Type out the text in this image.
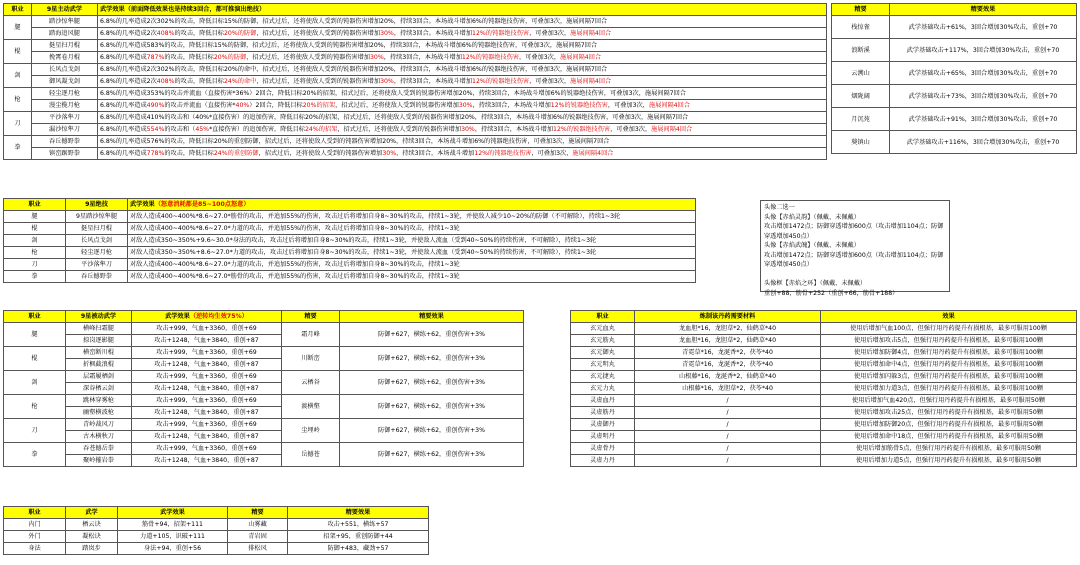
职业	9星主动武学	武学效果（前面降低效果也是持续3回合，都可推演出绝技）
腿	踏沙惊隼腿	6.8%的几率造成2次302%的攻击，降低目标15%的防御，招式过后，还将使敌人受到的钝器伤害增加20%，持续3回合。本场战斗增加6%的钝器绝技伤害，可叠加3次，施展间隔7回合
	踏海追风腿	6.8%的几率造成2次408%的攻击，降低目标20%的防御，招式过后，还将使敌人受到的钝器伤害增加30%，持续3回合。本场战斗增加12%的钝器绝技伤害，可叠加3次，施展间隔4回合
棍	挺星扫月棍	6.8%的几率造成583%的攻击，降低目标15%的防御，招式过后，还将使敌人受到的钝器伤害增加20%，持续3回合，本场战斗增加6%的钝器绝技伤害，可叠加3次，施展间隔7回合
	挽霄卷月棍	6.8%的几率造成787%的攻击，降低目标20%的防御，招式过后，还将使敌人受到的钝器伤害增加30%，持续3回合，本场战斗增加12%的钝器绝技伤害，可叠加3次，施展间隔4回合
剑	长风点戈剑	6.8%的几率造成2次302%的攻击，降低目标20%的命中，招式过后，还将使敌人受到的锐器伤害增加20%，持续3回合，本场战斗增加6%的锐器绝技伤害，可叠加3次，施展间隔7回合
	御风凝戈剑	6.8%的几率造成2次408%的攻击，降低目标24%的命中，招式过后，还将使敌人受到的锐器伤害增加30%，持续3回合，本场战斗增加12%的锐器绝技伤害，可叠加3次，施展间隔4回合
枪	轻尘逐月枪	6.8%的几率造成353%的攻击并流血（直接伤害*36%）2回合，降低目标20%的招架，招式过后，还将使敌人受到的锐器伤害增加20%，持续3回合，本场战斗增加6%的锐器绝技伤害，可叠加3次，施展间隔7回合
	漫尘揽月枪	6.8%的几率造成490%的攻击并流血（直接伤害*40%）2回合，降低目标20%的招架，招式过后，还将使敌人受到的锐器伤害增加30%，持续3回合，本场战斗增加12%的锐器绝技伤害，可叠加3次，施展间隔4回合
刀	平沙落隼刀	6.8%的几率造成410%的攻击和（40%*直接伤害）的追加伤害，降低目标20%的招架，招式过后，还将使敌人受到的锐器伤害增加20%，持续3回合，本场战斗增加6%的锐器绝技伤害，可叠加3次，施展间隔7回合
	漏沙惊隼刀	6.8%的几率造成554%的攻击和（45%*直接伤害）的追加伤害，降低目标24%的招架，招式过后，还将使敌人受到的锐器伤害增加30%，持续3回合，本场战斗增加12%的锐器绝技伤害，可叠加3次，施展间隔4回合
拳	吞丘撼野拳	6.8%的几率造成576%的攻击，降低目标20%的重创防御，招式过后，还将使敌人受到的钝器伤害增加20%，持续3回合，本场战斗增加6%的钝器绝技伤害，可叠加3次，施展间隔7回合
	镇峦踞野拳	6.8%的几率造成778%的攻击，降低目标24%的重创防御，招式过后，还将使敌人受到的钝器伤害增加30%，持续3回合，本场战斗增加12%的钝器绝技伤害，可叠加3次，施展间隔4回合
精要	精要效果
栈惊雀	武学基础攻击+61%，3回合增加30%攻击，重创+70
浪断溪	武学基础攻击+117%，3回合增加30%攻击，重创+70
云溯山	武学基础攻击+65%，3回合增加30%攻击，重创+70
烟陇阔	武学基础攻击+73%，3回合增加30%攻击，重创+70
月沉苑	武学基础攻击+91%，3回合增加30%攻击，重创+70
獒镇山	武学基础攻击+116%，3回合增加30%攻击，重创+70
职业	9星绝技	武学效果（怒意消耗都是85~100点怒意）
腿	9星踏沙惊隼腿	对敌人造成400~400%*8.6~27.0*筋骨的攻击，并追加55%的伤害，攻击过后将增加自身8~30%的攻击，持续1~3轮，并使敌人减少10~20%的防御（不可解除），持续1~3轮
棍	挺星扫月棍	对敌人造成400~400%*8.6~27.0*力道的攻击，并追加55%的伤害，攻击过后将增加自身8~30%的攻击，持续1~3轮
剑	长风点戈剑	对敌人造成350~350%+9.6~30.0*身法的攻击，攻击过后将增加自身8~30%的攻击，持续1~3轮，并使敌人流血（受到40~50%的持续伤害，不可解除），持续1~3轮
枪	轻尘逐月枪	对敌人造成350~350%+8.6~27.0*力道的攻击，攻击过后将增加自身8~30%的攻击，持续1~3轮，并使敌人流血（受到40~50%的持续伤害，不可解除），持续1~3轮
刀	平沙落隼刀	对敌人造成400~400%*8.6~27.0*力道的攻击，并追加55%的伤害，攻击过后将增加自身8~30%的攻击，持续1~3轮
拳	吞丘撼野拳	对敌人造成400~400%*8.6~27.0*筋骨的攻击，并追加55%的伤害，攻击过后将增加自身8~30%的攻击，持续1~3轮
头像二选一
头像【赤焰灵韵】（佩戴、未佩戴）
攻击增加1472点；防御穿透增加600点（攻击增加1104点；防御穿透增加450点）
头像【赤焰武魄】（佩戴、未佩戴）
攻击增加1472点；防御穿透增加600点（攻击增加1104点；防御穿透增加450点）
头像框【赤焰之环】（佩戴、未佩戴）
重创+88，筋骨+252（重创+66，筋骨+188）
职业	9星被动武学	武学效果（逆转均生效75%）	精要	精要效果
腿	横峰扫霜腿	攻击+999，气血+3360，重创+69	霜月峰	防御+627，横练+62，重创伤害+3%
	掠岗逐影腿	攻击+1248，气血+3840，重创+87		
棍	横峦断川棍	攻击+999，气血+3360，重创+69	川断峦	防御+627，横练+62，重创伤害+3%
	折枫截浪棍	攻击+1248，气血+3840，重创+87		
剑	层霜履栖剑	攻击+999，气血+3360，重创+69	云栖谷	防御+627，横练+62，重创伤害+3%
	深谷栖云剑	攻击+1248，气血+3840，重创+87		
枪	跳林穿雾枪	攻击+999，气血+3360，重创+69	渡横壑	防御+627，横练+62，重创伤害+3%
	幽壑横波枪	攻击+1248，气血+3840，重创+87		
刀	青岭裁风刀	攻击+999，气血+3360，重创+69	尘埋岭	防御+627，横练+62，重创伤害+3%
	古木横秋刀	攻击+1248，气血+3840，重创+87		
拳	吞苍撼岳拳	攻击+999，气血+3360，重创+69	岳撼苍	防御+627，横练+62，重创伤害+3%
	聚岭摧岩拳	攻击+1248，气血+3840，重创+87		
职业	炼制该丹药需要材料	效果
玄元血丸	龙血胆*16，龙胆草*2，仙鹤草*40	使用后增加气血100点，但强行用丹药提升有损根基，最多可服用100颗
玄元筋丸	龙血胆*16，龙胆草*2，仙鹤草*40	使用后增加攻击5点，但强行用丹药提升有损根基，最多可服用100颗
玄元御丸	青霓草*16，龙涎香*2，茯苓*40	使用后增加防御4点，但强行用丹药提升有损根基，最多可服用100颗
玄元明丸	青霓草*16，龙涎香*2，茯苓*40	使用后增加命中4点，但强行用丹药提升有损根基，最多可服用100颗
玄元捷丸	山根藤*16，龙涎香*2，仙鹤草*40	使用后增加闪躲3点，但强行用丹药提升有损根基，最多可服用100颗
玄元力丸	山根藤*16，龙胆草*2，茯苓*40	使用后增加力道3点，但强行用丹药提升有损根基，最多可服用100颗
灵虚血丹	/	使用后增加气血420点，但强行用丹药提升有损根基，最多可服用50颗
灵虚筋丹	/	使用后增加攻击25点，但强行用丹药提升有损根基，最多可服用50颗
灵虚御丹	/	使用后增加防御20点，但强行用丹药提升有损根基，最多可服用50颗
灵虚明丹	/	使用后增加命中18点，但强行用丹药提升有损根基，最多可服用50颗
灵虚骨丹	/	使用后增加筋骨5点，但强行用丹药提升有损根基，最多可服用50颗
灵虚力丹	/	使用后增加力道5点，但强行用丹药提升有损根基，最多可服用50颗
职业	武学	武学效果	精要	精要效果
内门	栖云诀	筋骨+94，招架+111	山雾藏	攻击+551，横练+57
外门	凝松诀	力道+105，识破+111	青岩固	招架+95，重创防御+44
身法	踏岚步	身法+94，重创+56	排松风	防御+483，藏劲+57
